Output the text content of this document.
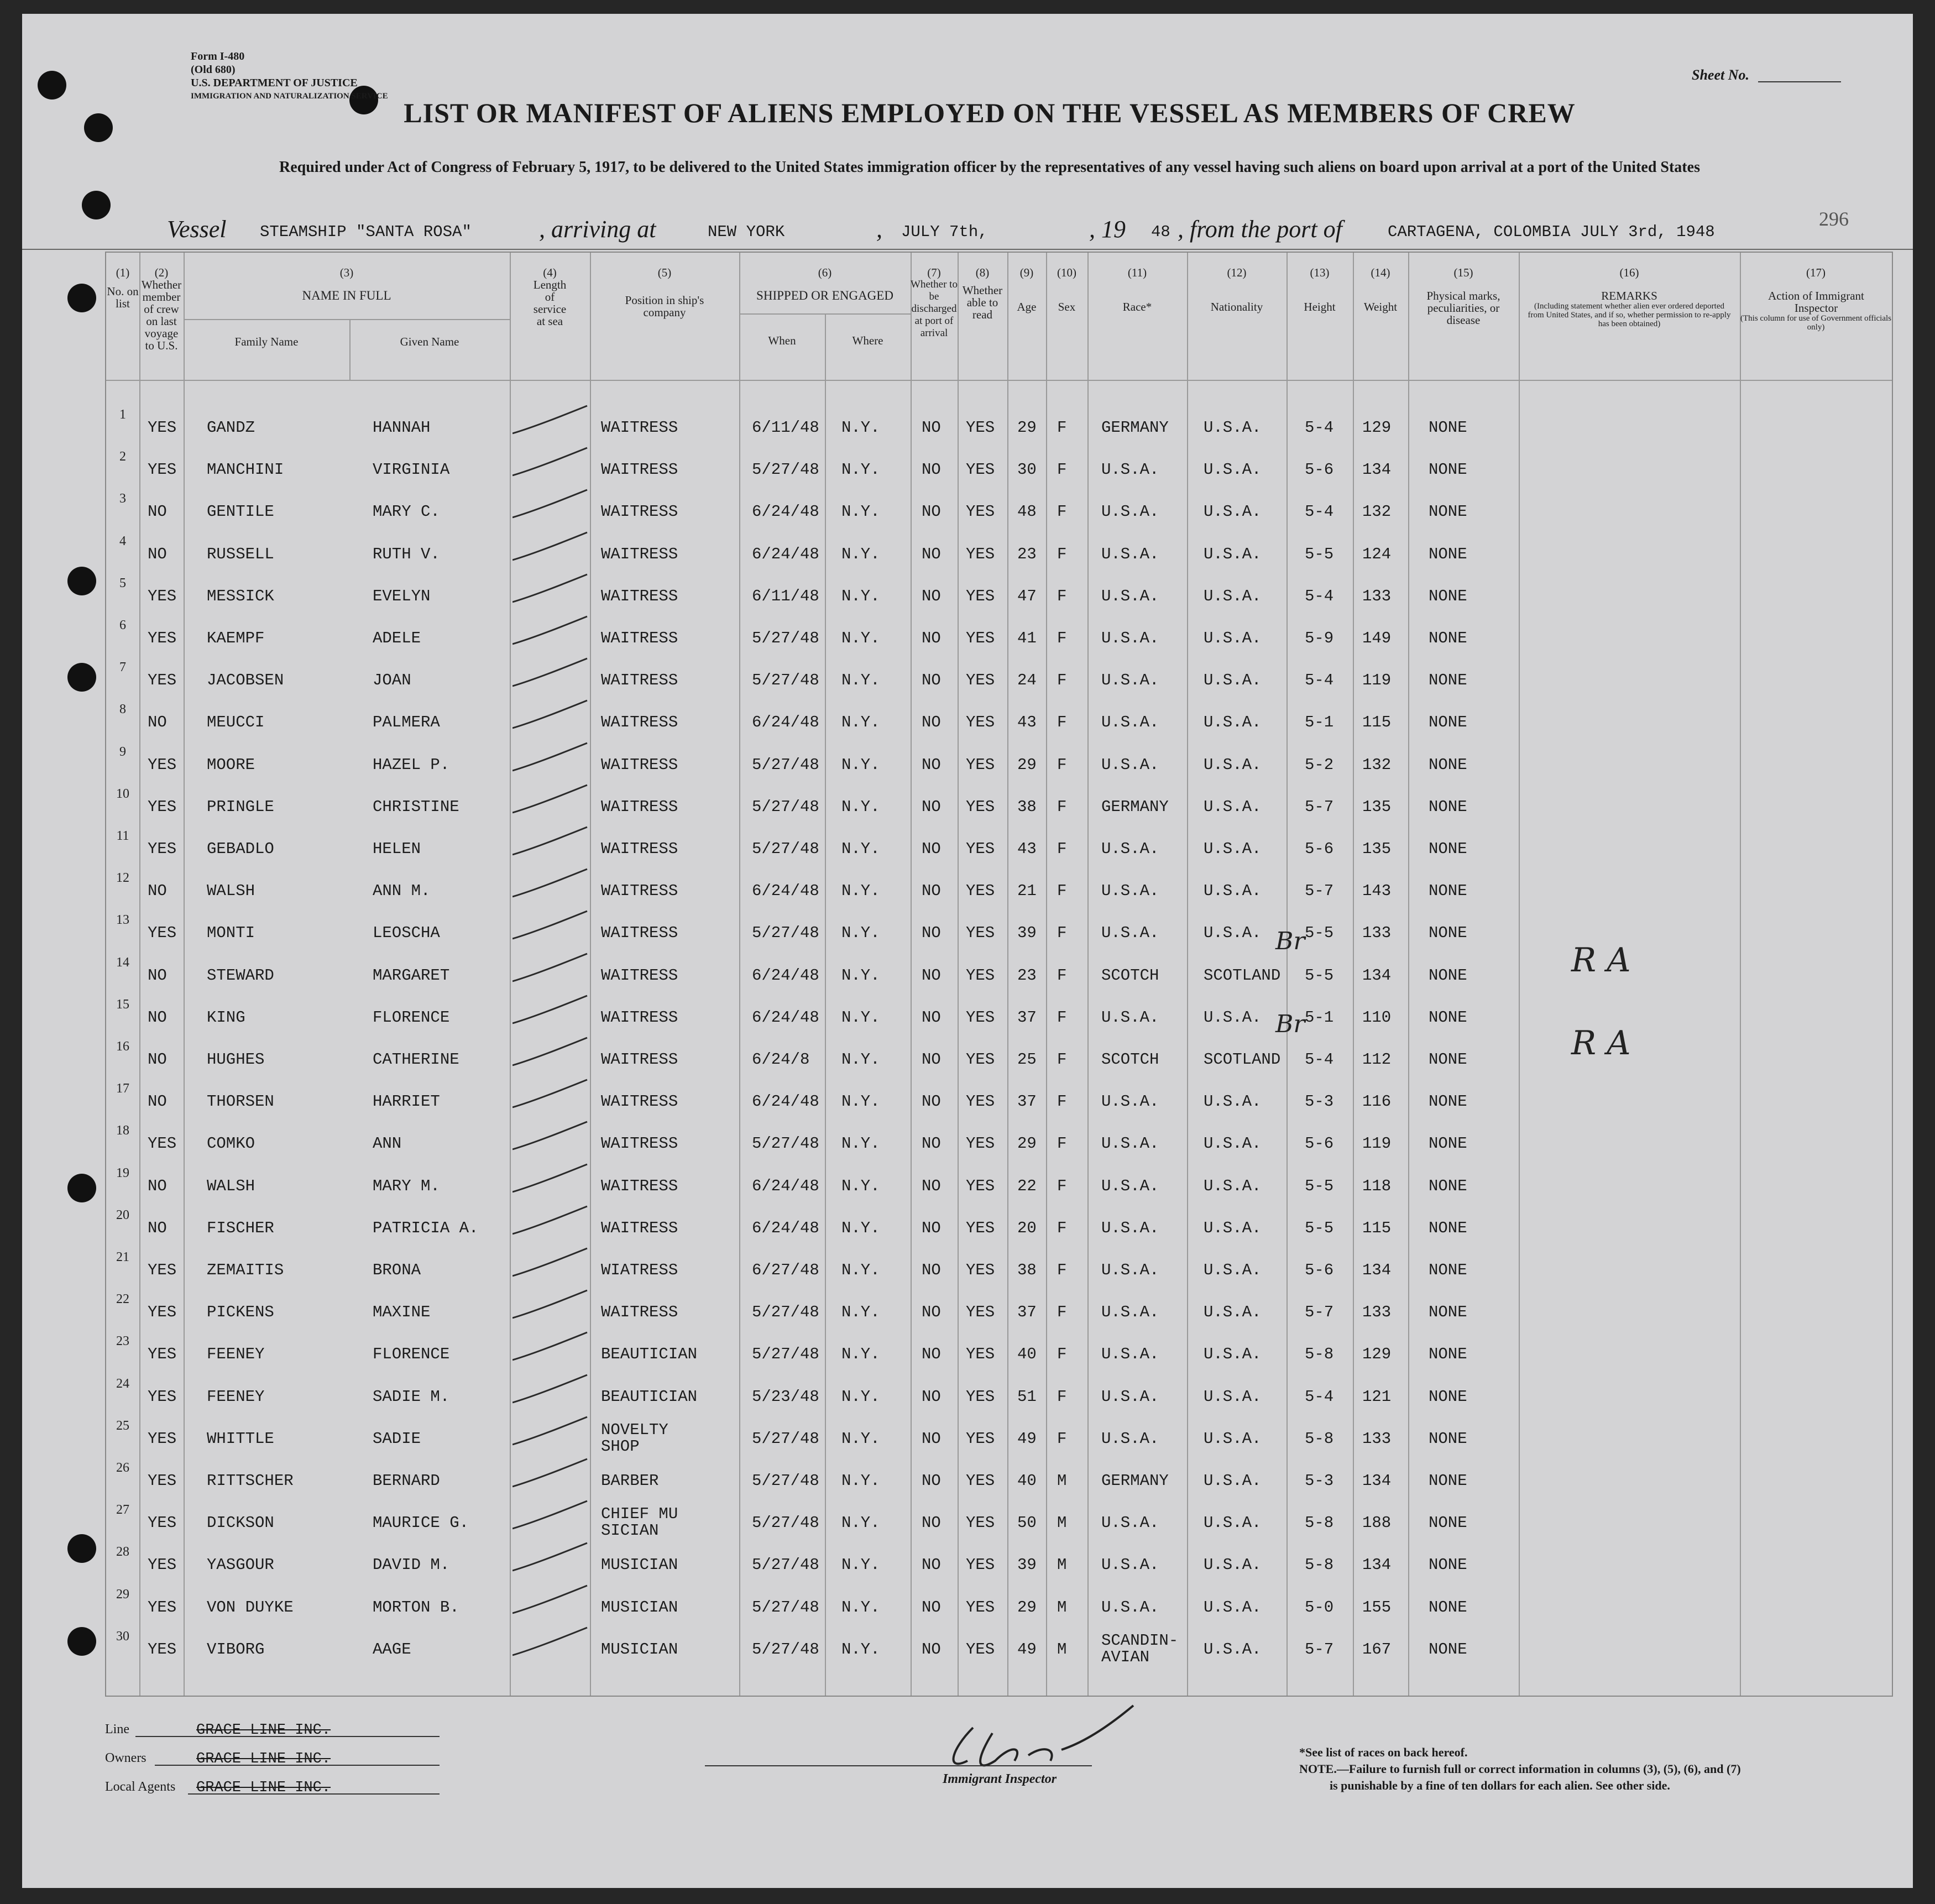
Form I-480
(Old 680)
U.S. DEPARTMENT OF JUSTICE
IMMIGRATION AND NATURALIZATION SERVICE
Sheet No.
LIST OR MANIFEST OF ALIENS EMPLOYED ON THE VESSEL AS MEMBERS OF CREW
Required under Act of Congress of February 5, 1917, to be delivered to the United States immigration officer by the representatives of any vessel having such aliens on board upon arrival at a port of the United States
296
Vessel STEAMSHIP "SANTA ROSA"	, arriving at	NEW YORK	, JULY 7th,	, 19 48 , from the port of	CARTAGENA, COLOMBIA JULY 3rd, 1948
(1)
No. on list
(2)
Whether member of crew on last voyage to U.S.
(3)
NAME IN FULL
Family Name	Given Name
(4)
Length of service at sea
(5)
Position in ship's company
(6)
SHIPPED OR ENGAGED
When	Where
(7)
Whether to be discharged at port of arrival
(8)
Whether able to read
(9)
Age
(10)
Sex
(11)
Race*
(12)
Nationality
(13)
Height
(14)
Weight
(15)
Physical marks, peculiarities, or disease
(16)
REMARKS
(Including statement whether alien ever ordered deported from United States, and if so, whether permission to re-apply has been obtained)
(17)
Action of Immigrant Inspector
(This column for use of Government officials only)
1
YES GANDZ	HANNAH	WAITRESS	6/11/48 N.Y.	NO YES 29 F GERMANY U.S.A.	5-4 129 NONE
2
YES MANCHINI	VIRGINIA	WAITRESS	5/27/48 N.Y.	NO YES 30 F U.S.A.	U.S.A.	5-6 134 NONE
3
NO GENTILE	MARY C.	WAITRESS	6/24/48 N.Y.	NO YES 48 F U.S.A.	U.S.A.	5-4 132 NONE
4
NO RUSSELL	RUTH V.	WAITRESS	6/24/48 N.Y.	NO YES 23 F U.S.A.	U.S.A.	5-5 124 NONE
5
YES MESSICK	EVELYN	WAITRESS	6/11/48 N.Y.	NO YES 47 F U.S.A.	U.S.A.	5-4 133 NONE
6
YES KAEMPF	ADELE	WAITRESS	5/27/48 N.Y.	NO YES 41 F U.S.A.	U.S.A.	5-9 149 NONE
7
YES JACOBSEN	JOAN	WAITRESS	5/27/48 N.Y.	NO YES 24 F U.S.A.	U.S.A.	5-4 119 NONE
8
NO MEUCCI	PALMERA	WAITRESS	6/24/48 N.Y.	NO YES 43 F U.S.A.	U.S.A.	5-1 115 NONE
9
YES MOORE	HAZEL P.	WAITRESS	5/27/48 N.Y.	NO YES 29 F U.S.A.	U.S.A.	5-2 132 NONE
10
YES PRINGLE	CHRISTINE	WAITRESS	5/27/48 N.Y.	NO YES 38 F GERMANY U.S.A.	5-7 135 NONE
11
YES GEBADLO	HELEN	WAITRESS	5/27/48 N.Y.	NO YES 43 F U.S.A.	U.S.A.	5-6 135 NONE
12
NO WALSH	ANN M.	WAITRESS	6/24/48 N.Y.	NO YES 21 F U.S.A.	U.S.A.	5-7 143 NONE
13
YES MONTI	LEOSCHA	WAITRESS	5/27/48 N.Y.	NO YES 39 F U.S.A.	U.S.A.	5-5 133 NONE
14
NO STEWARD	MARGARET	WAITRESS	6/24/48 N.Y.	NO YES 23 F SCOTCH	SCOTLAND 5-5 134 NONE
15
NO KING	FLORENCE	WAITRESS	6/24/48 N.Y.	NO YES 37 F U.S.A.	U.S.A.	5-1 110 NONE
16
NO HUGHES	CATHERINE	WAITRESS	6/24/8 N.Y.	NO YES 25 F SCOTCH	SCOTLAND 5-4 112 NONE
17
NO THORSEN	HARRIET	WAITRESS	6/24/48 N.Y.	NO YES 37 F U.S.A.	U.S.A.	5-3 116 NONE
18
YES COMKO	ANN	WAITRESS	5/27/48 N.Y.	NO YES 29 F U.S.A.	U.S.A.	5-6 119 NONE
19
NO WALSH	MARY M.	WAITRESS	6/24/48 N.Y.	NO YES 22 F U.S.A.	U.S.A.	5-5 118 NONE
20
NO FISCHER	PATRICIA A.	WAITRESS	6/24/48 N.Y.	NO YES 20 F U.S.A.	U.S.A.	5-5 115 NONE
21
YES ZEMAITIS	BRONA	WIATRESS	6/27/48 N.Y.	NO YES 38 F U.S.A.	U.S.A.	5-6 134 NONE
22
YES PICKENS	MAXINE	WAITRESS	5/27/48 N.Y.	NO YES 37 F U.S.A.	U.S.A.	5-7 133 NONE
23
YES FEENEY	FLORENCE	BEAUTICIAN	5/27/48 N.Y.	NO YES 40 F U.S.A.	U.S.A.	5-8 129 NONE
24
YES FEENEY	SADIE M.	BEAUTICIAN	5/23/48 N.Y.	NO YES 51 F U.S.A.	U.S.A.	5-4 121 NONE
25
YES WHITTLE	SADIE	NOVELTY SHOP	5/27/48 N.Y.	NO YES 49 F U.S.A.	U.S.A.	5-8 133 NONE
26
YES RITTSCHER	BERNARD	BARBER	5/27/48 N.Y.	NO YES 40 M GERMANY U.S.A.	5-3 134 NONE
27
YES DICKSON	MAURICE G.	CHIEF MUSICIAN	5/27/48 N.Y.	NO YES 50 M U.S.A.	U.S.A.	5-8 188 NONE
28
YES YASGOUR	DAVID M.	MUSICIAN	5/27/48 N.Y.	NO YES 39 M U.S.A.	U.S.A.	5-8 134 NONE
29
YES VON DUYKE	MORTON B.	MUSICIAN	5/27/48 N.Y.	NO YES 29 M U.S.A.	U.S.A.	5-0 155 NONE
30
YES VIBORG	AAGE	MUSICIAN	5/27/48 N.Y.	NO YES 49 M SCANDIN-AVIAN	U.S.A.	5-7 167 NONE
R A
R A
Br
Br
Line	GRACE LINE INC.
Owners	GRACE LINE INC.
Local Agents GRACE LINE INC.
Immigrant Inspector
*See list of races on back hereof.
NOTE.—Failure to furnish full or correct information in columns (3), (5), (6), and (7)
is punishable by a fine of ten dollars for each alien. See other side.
